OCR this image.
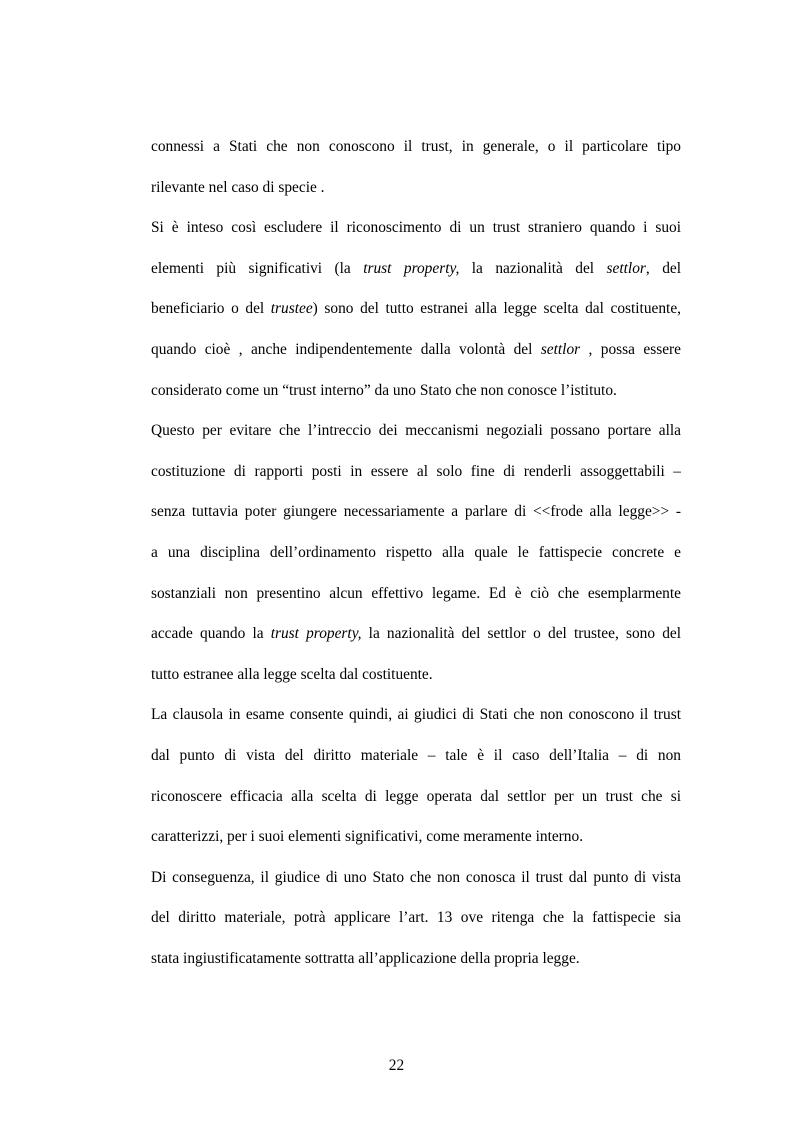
connessi a Stati che non conoscono il trust, in generale, o il particolare tipo
rilevante nel caso di specie .
Si è inteso così escludere il riconoscimento di un trust straniero quando i suoi
elementi più significativi (la trust property, la nazionalità del settlor, del
beneficiario o del trustee) sono del tutto estranei alla legge scelta dal costituente,
quando cioè , anche indipendentemente dalla volontà del settlor , possa essere
considerato come un “trust interno” da uno Stato che non conosce l’istituto.
Questo per evitare che l’intreccio dei meccanismi negoziali possano portare alla
costituzione di rapporti posti in essere al solo fine di renderli assoggettabili –
senza tuttavia poter giungere necessariamente a parlare di <<frode alla legge>> -
a una disciplina dell’ordinamento rispetto alla quale le fattispecie concrete e
sostanziali non presentino alcun effettivo legame. Ed è ciò che esemplarmente
accade quando la trust property, la nazionalità del settlor o del trustee, sono del
tutto estranee alla legge scelta dal costituente.
La clausola in esame consente quindi, ai giudici di Stati che non conoscono il trust
dal punto di vista del diritto materiale – tale è il caso dell’Italia – di non
riconoscere efficacia alla scelta di legge operata dal settlor per un trust che si
caratterizzi, per i suoi elementi significativi, come meramente interno.
Di conseguenza, il giudice di uno Stato che non conosca il trust dal punto di vista
del diritto materiale, potrà applicare l’art. 13 ove ritenga che la fattispecie sia
stata ingiustificatamente sottratta all’applicazione della propria legge.
22
